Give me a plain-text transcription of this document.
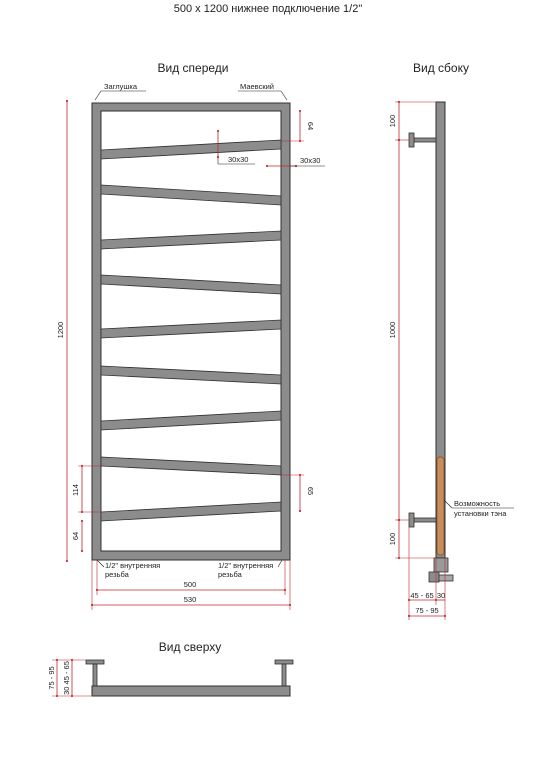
500 х 1200 нижнее подключение 1/2"
Вид спереди
Заглушка	Маевский
1200
64
30х30	30х30
114
64
65
1/2" внутренняя
резьба
1/2" внутренняя
резьба
500
530
Вид сбоку
100
1000
100
Возможность
установки тэна
45 - 65 30
75 - 95
Вид сверху
75 - 95 30 45 - 65
